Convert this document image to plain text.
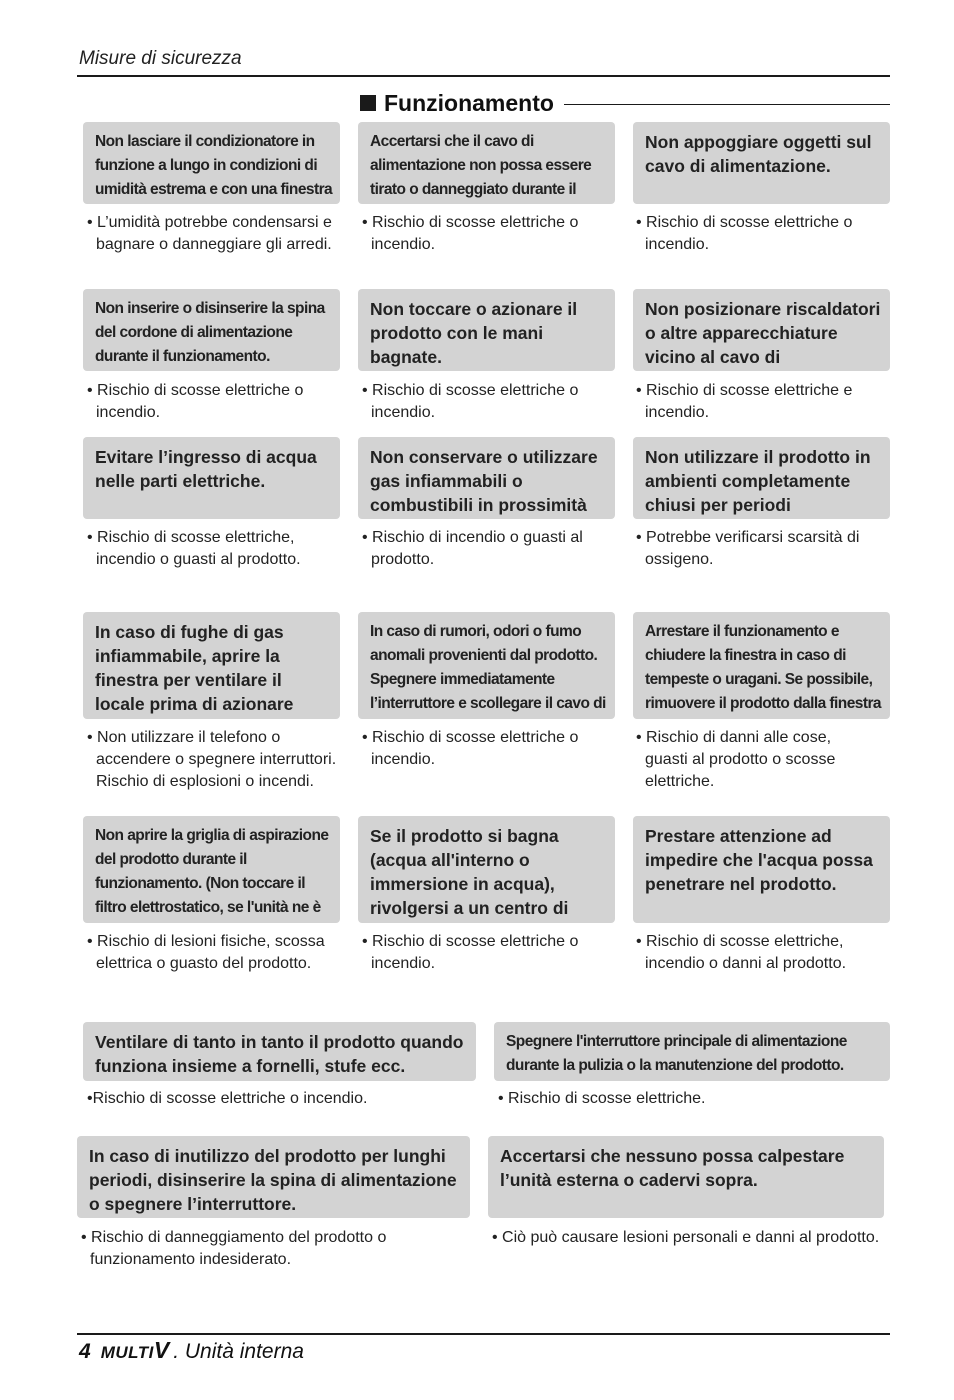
Misure di sicurezza
Funzionamento
Non lasciare il condizionatore in funzione a lungo in condizioni di umidità estrema e con una finestra
• L’umidità potrebbe condensarsi e bagnare o danneggiare gli arredi.
Accertarsi che il cavo di alimentazione non possa essere tirato o danneggiato durante il
• Rischio di scosse elettriche o incendio.
Non appoggiare oggetti sul cavo di alimentazione.
• Rischio di scosse elettriche o incendio.
Non inserire o disinserire la spina del cordone di alimentazione durante il funzionamento.
• Rischio di scosse elettriche o incendio.
Non toccare o azionare il prodotto con le mani bagnate.
• Rischio di scosse elettriche o incendio.
Non posizionare riscaldatori o altre apparecchiature vicino al cavo di
• Rischio di scosse elettriche e incendio.
Evitare l’ingresso di acqua nelle parti elettriche.
• Rischio di scosse elettriche, incendio o guasti al prodotto.
Non conservare o utilizzare gas infiammabili o combustibili in prossimità
• Rischio di incendio o guasti al prodotto.
Non utilizzare il prodotto in ambienti completamente chiusi per periodi
• Potrebbe verificarsi scarsità di ossigeno.
In caso di fughe di gas infiammabile, aprire la finestra per ventilare il locale prima di azionare
• Non utilizzare il telefono o accendere o spegnere interruttori. Rischio di esplosioni o incendi.
In caso di rumori, odori o fumo anomali provenienti dal prodotto. Spegnere immediatamente l’interruttore e scollegare il cavo di
• Rischio di scosse elettriche o incendio.
Arrestare il funzionamento e chiudere la finestra in caso di tempeste o uragani. Se possibile, rimuovere il prodotto dalla finestra
• Rischio di danni alle cose, guasti al prodotto o scosse elettriche.
Non aprire la griglia di aspirazione del prodotto durante il funzionamento. (Non toccare il filtro elettrostatico, se l'unità ne è
• Rischio di lesioni fisiche, scossa elettrica o guasto del prodotto.
Se il prodotto si bagna (acqua all'interno o immersione in acqua), rivolgersi a un centro di
• Rischio di scosse elettriche o incendio.
Prestare attenzione ad impedire che l'acqua possa penetrare nel prodotto.
• Rischio di scosse elettriche, incendio o danni al prodotto.
Ventilare di tanto in tanto il prodotto quando funziona insieme a fornelli, stufe ecc.
•Rischio di scosse elettriche o incendio.
Spegnere l'interruttore principale di alimentazione durante la pulizia o la manutenzione del prodotto.
• Rischio di scosse elettriche.
In caso di inutilizzo del prodotto per lunghi periodi, disinserire la spina di alimentazione o spegnere l’interruttore.
• Rischio di danneggiamento del prodotto o funzionamento indesiderato.
Accertarsi che nessuno possa calpestare l’unità esterna o cadervi sopra.
• Ciò può causare lesioni personali e danni al prodotto.
4 MULTIV . Unità interna
